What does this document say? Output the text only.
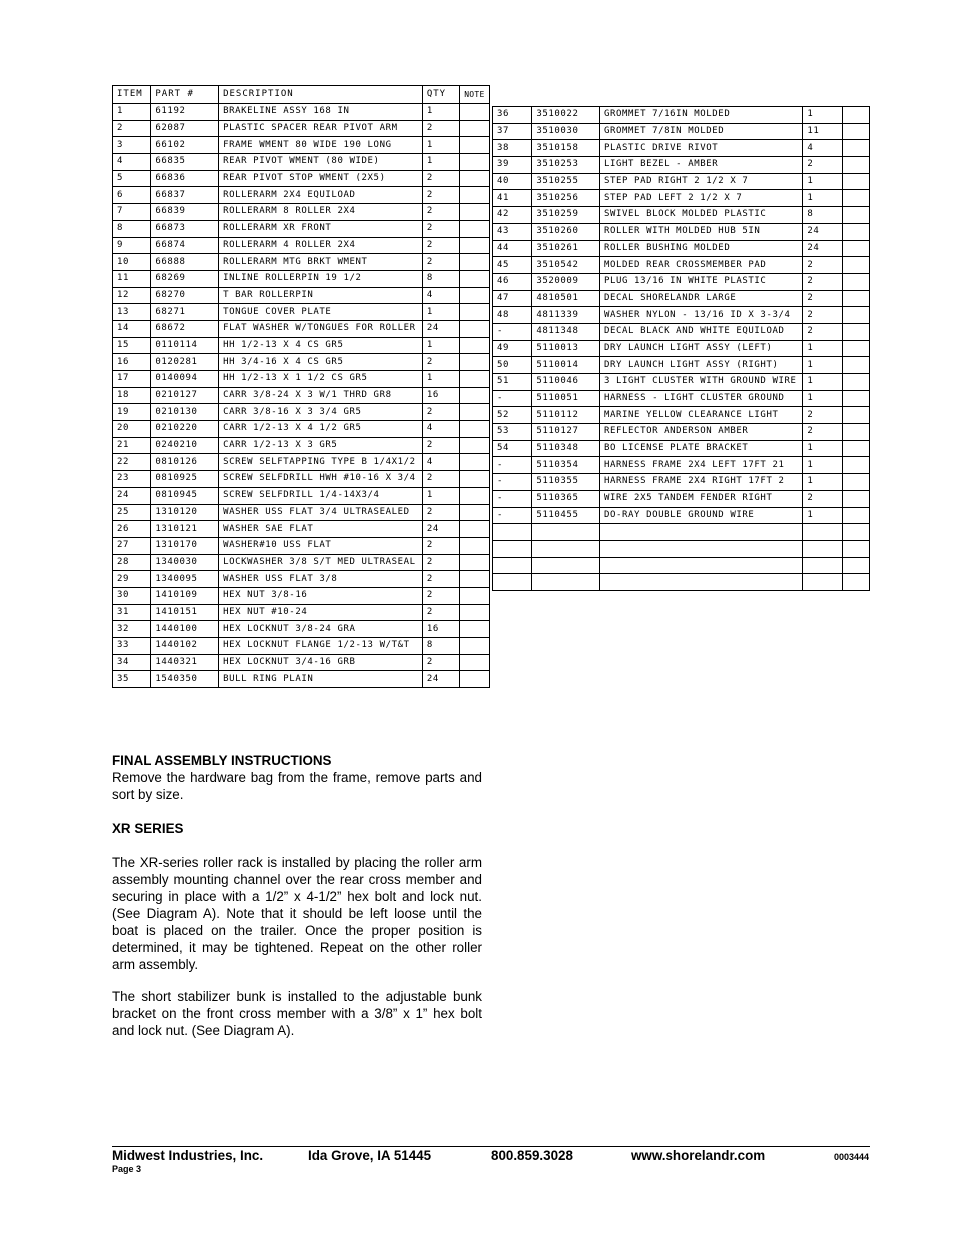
ITEM	PART #	DESCRIPTION	QTY	NOTE
1	61192	BRAKELINE ASSY 168 IN	1	
2	62087	PLASTIC SPACER REAR PIVOT ARM	2	
3	66102	FRAME WMENT 80 WIDE 190 LONG	1	
4	66835	REAR PIVOT WMENT (80 WIDE)	1	
5	66836	REAR PIVOT STOP WMENT (2X5)	2	
6	66837	ROLLERARM 2X4 EQUILOAD	2	
7	66839	ROLLERARM 8 ROLLER 2X4	2	
8	66873	ROLLERARM XR FRONT	2	
9	66874	ROLLERARM 4 ROLLER 2X4	2	
10	66888	ROLLERARM MTG BRKT WMENT	2	
11	68269	INLINE ROLLERPIN 19 1/2	8	
12	68270	T BAR ROLLERPIN	4	
13	68271	TONGUE COVER PLATE	1	
14	68672	FLAT WASHER W/TONGUES FOR ROLLER	24	
15	0110114	HH 1/2-13 X 4 CS GR5	1	
16	0120281	HH 3/4-16 X 4 CS GR5	2	
17	0140094	HH 1/2-13 X 1 1/2 CS GR5	1	
18	0210127	CARR 3/8-24 X 3 W/1 THRD GR8	16	
19	0210130	CARR 3/8-16 X 3 3/4 GR5	2	
20	0210220	CARR 1/2-13 X 4 1/2 GR5	4	
21	0240210	CARR 1/2-13 X 3 GR5	2	
22	0810126	SCREW SELFTAPPING TYPE B 1/4X1/2	4	
23	0810925	SCREW SELFDRILL HWH #10-16 X 3/4	2	
24	0810945	SCREW SELFDRILL 1/4-14X3/4	1	
25	1310120	WASHER USS FLAT 3/4 ULTRASEALED	2	
26	1310121	WASHER SAE FLAT	24	
27	1310170	WASHER#10 USS FLAT	2	
28	1340030	LOCKWASHER 3/8 S/T MED ULTRASEAL	2	
29	1340095	WASHER USS FLAT 3/8	2	
30	1410109	HEX NUT 3/8-16	2	
31	1410151	HEX NUT #10-24	2	
32	1440100	HEX LOCKNUT 3/8-24 GRA	16	
33	1440102	HEX LOCKNUT FLANGE 1/2-13 W/T&T	8	
34	1440321	HEX LOCKNUT 3/4-16 GRB	2	
35	1540350	BULL RING PLAIN	24	
36	3510022	GROMMET 7/16IN MOLDED	1	
37	3510030	GROMMET 7/8IN MOLDED	11	
38	3510158	PLASTIC DRIVE RIVOT	4	
39	3510253	LIGHT BEZEL - AMBER	2	
40	3510255	STEP PAD RIGHT 2 1/2 X 7	1	
41	3510256	STEP PAD LEFT 2 1/2 X 7	1	
42	3510259	SWIVEL BLOCK MOLDED PLASTIC	8	
43	3510260	ROLLER WITH MOLDED HUB 5IN	24	
44	3510261	ROLLER BUSHING MOLDED	24	
45	3510542	MOLDED REAR CROSSMEMBER PAD	2	
46	3520009	PLUG 13/16 IN WHITE PLASTIC	2	
47	4810501	DECAL SHORELANDR LARGE	2	
48	4811339	WASHER NYLON - 13/16 ID X 3-3/4	2	
-	4811348	DECAL BLACK AND WHITE EQUILOAD	2	
49	5110013	DRY LAUNCH LIGHT ASSY (LEFT)	1	
50	5110014	DRY LAUNCH LIGHT ASSY (RIGHT)	1	
51	5110046	3 LIGHT CLUSTER WITH GROUND WIRE	1	
-	5110051	HARNESS - LIGHT CLUSTER GROUND	1	
52	5110112	MARINE YELLOW CLEARANCE LIGHT	2	
53	5110127	REFLECTOR ANDERSON AMBER	2	
54	5110348	BO LICENSE PLATE BRACKET	1	
-	5110354	HARNESS FRAME 2X4 LEFT 17FT 21	1	
-	5110355	HARNESS FRAME 2X4 RIGHT 17FT 2	1	
-	5110365	WIRE 2X5 TANDEM FENDER RIGHT	2	
-	5110455	DO-RAY DOUBLE GROUND WIRE	1	

FINAL ASSEMBLY INSTRUCTIONS

Remove the hardware bag from the frame, remove parts and sort by size.

XR SERIES

The XR-series roller rack is installed by placing the roller arm assembly mounting channel over the rear cross member and securing in place with a 1/2” x 4-1/2” hex bolt and lock nut. (See Diagram A). Note that it should be left loose until the boat is placed on the trailer. Once the proper position is determined, it may be tightened. Repeat on the other roller arm assembly.

The short stabilizer bunk is installed to the adjustable bunk bracket on the front cross member with a 3/8” x 1” hex bolt and lock nut. (See Diagram A).

Midwest Industries, Inc.	Ida Grove, IA 51445	800.859.3028	www.shorelandr.com	0003444
Page 3
